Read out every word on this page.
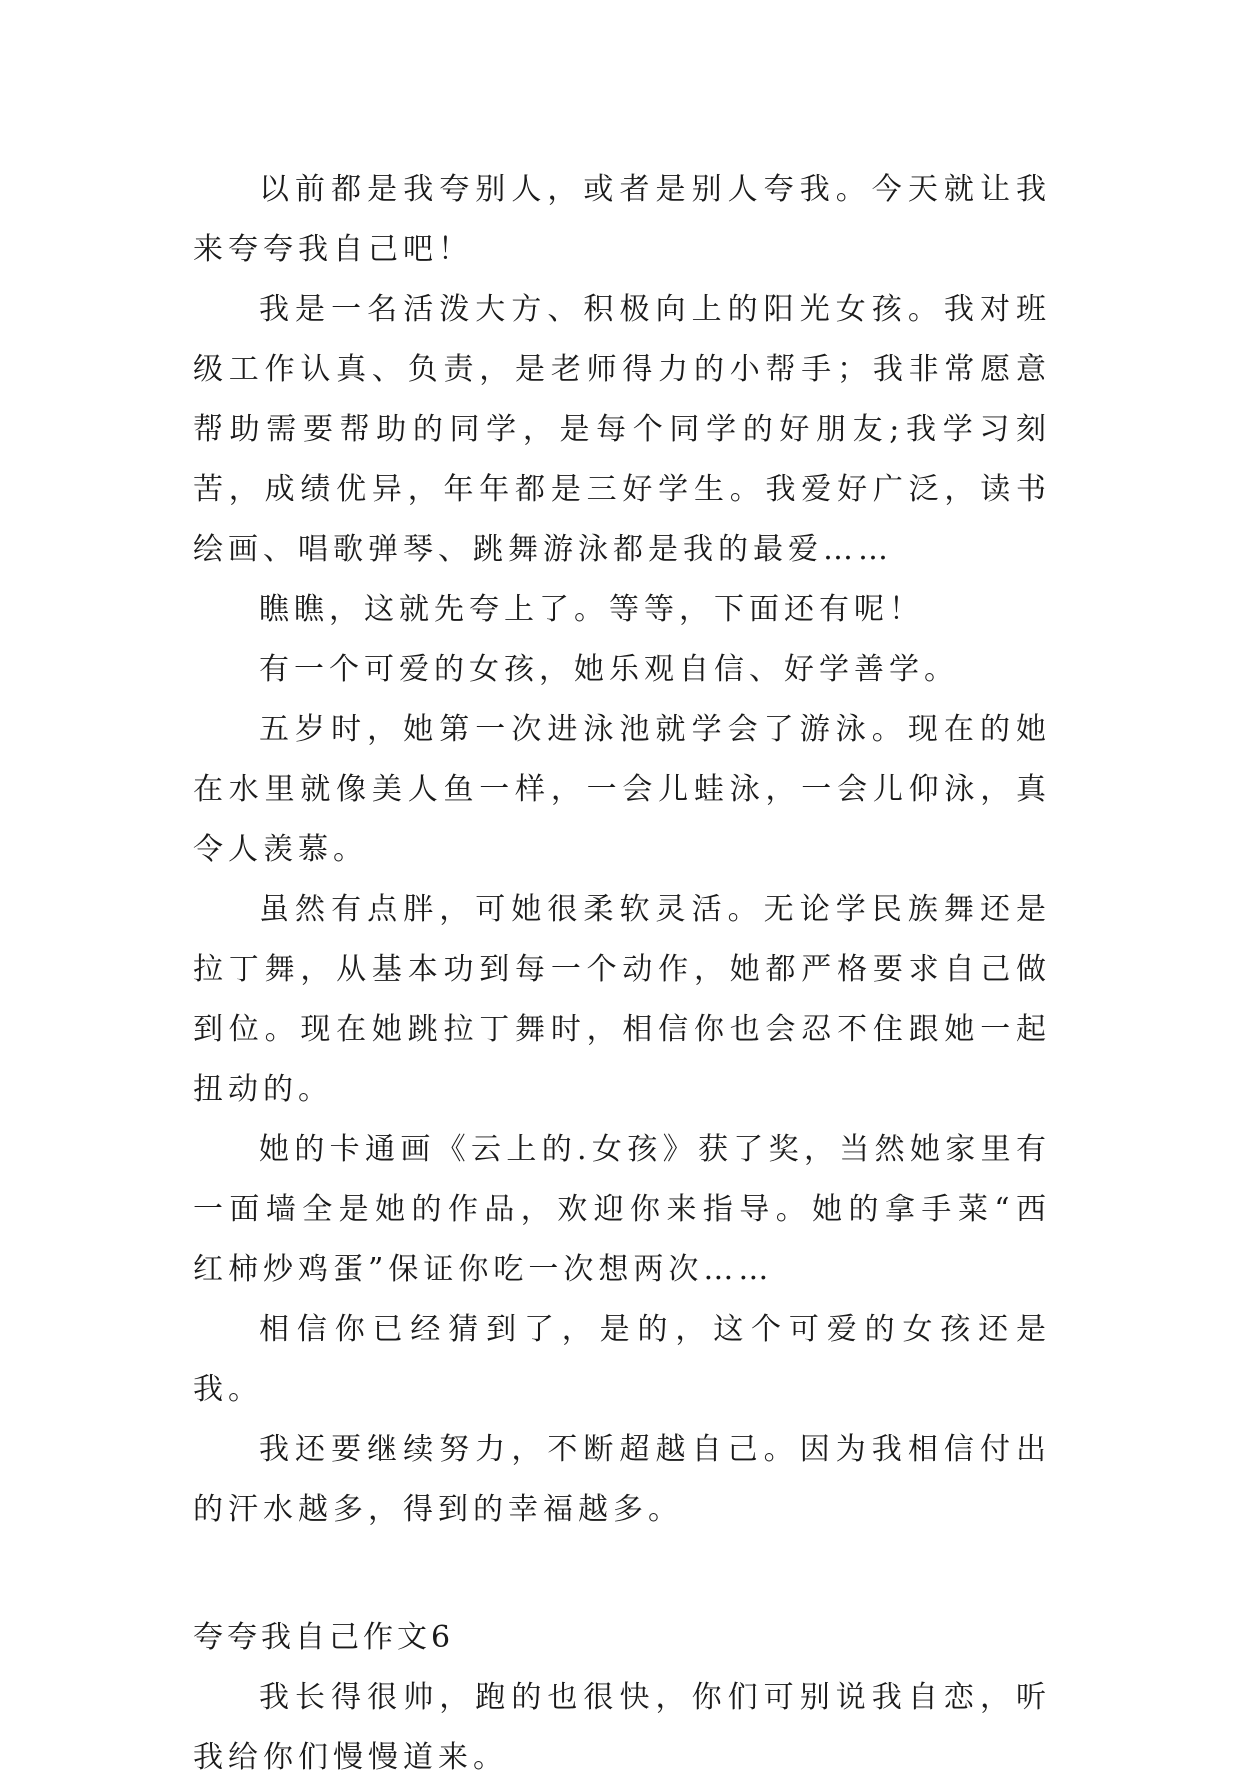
以前都是我夸别人，或者是别人夸我。今天就让我来夸夸我自己吧！

我是一名活泼大方、积极向上的阳光女孩。我对班级工作认真、负责，是老师得力的小帮手；我非常愿意帮助需要帮助的同学，是每个同学的好朋友;我学习刻苦，成绩优异，年年都是三好学生。我爱好广泛，读书绘画、唱歌弹琴、跳舞游泳都是我的最爱……

瞧瞧，这就先夸上了。等等，下面还有呢！

有一个可爱的女孩，她乐观自信、好学善学。

五岁时，她第一次进泳池就学会了游泳。现在的她在水里就像美人鱼一样，一会儿蛙泳，一会儿仰泳，真令人羡慕。

虽然有点胖，可她很柔软灵活。无论学民族舞还是拉丁舞，从基本功到每一个动作，她都严格要求自己做到位。现在她跳拉丁舞时，相信你也会忍不住跟她一起扭动的。

她的卡通画《云上的.女孩》获了奖，当然她家里有一面墙全是她的作品，欢迎你来指导。她的拿手菜“西红柿炒鸡蛋”保证你吃一次想两次……

相信你已经猜到了，是的，这个可爱的女孩还是我。

我还要继续努力，不断超越自己。因为我相信付出的汗水越多，得到的幸福越多。

夸夸我自己作文6

我长得很帅，跑的也很快，你们可别说我自恋，听我给你们慢慢道来。
